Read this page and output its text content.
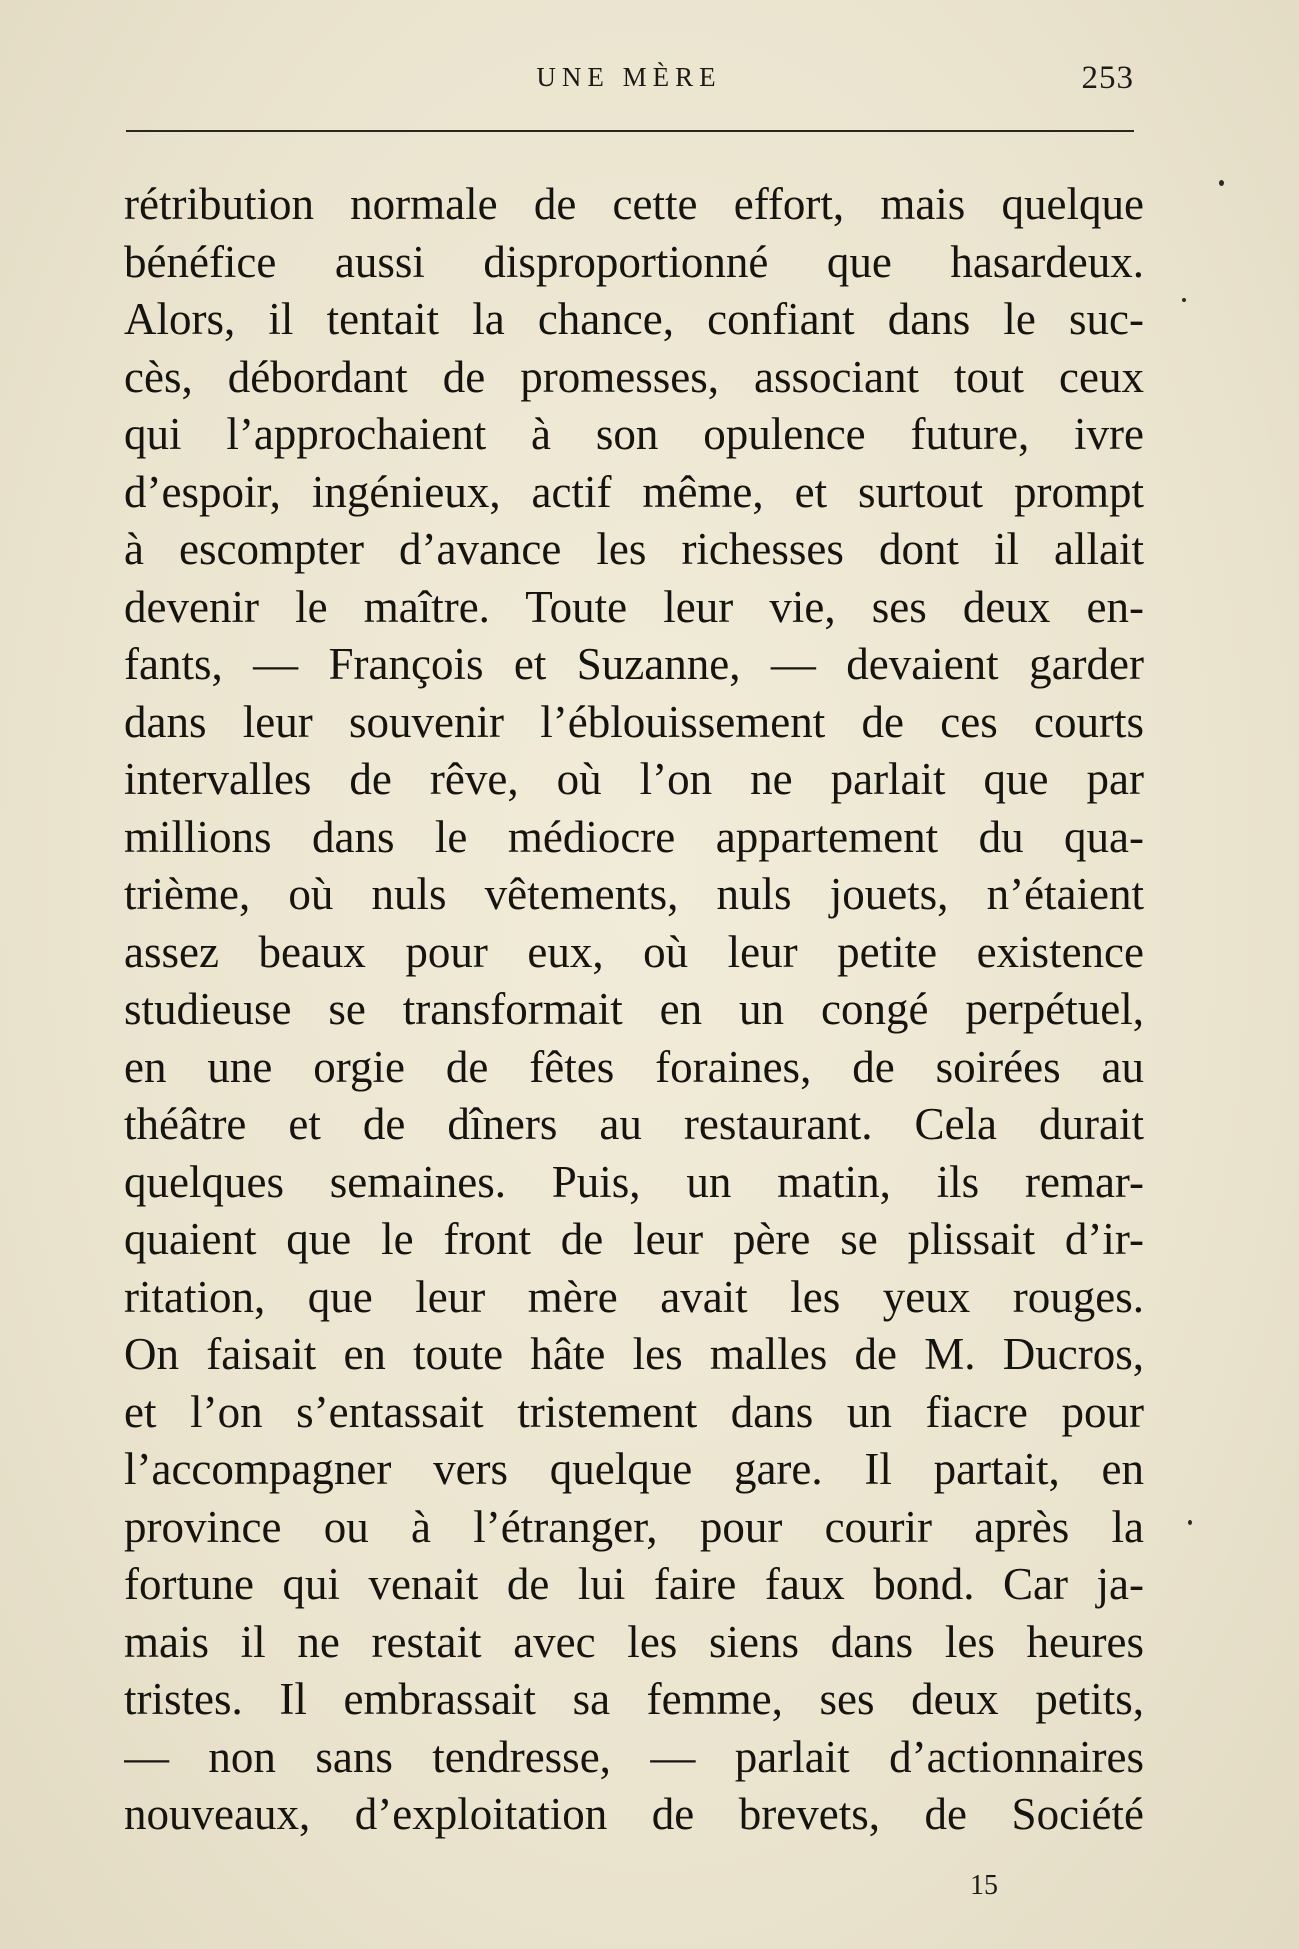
UNE MÈRE	253
rétribution normale de cette effort, mais quelque
bénéfice aussi disproportionné que hasardeux.
Alors, il tentait la chance, confiant dans le suc-
cès, débordant de promesses, associant tout ceux
qui l’approchaient à son opulence future, ivre
d’espoir, ingénieux, actif même, et surtout prompt
à escompter d’avance les richesses dont il allait
devenir le maître. Toute leur vie, ses deux en-
fants, — François et Suzanne, — devaient garder
dans leur souvenir l’éblouissement de ces courts
intervalles de rêve, où l’on ne parlait que par
millions dans le médiocre appartement du qua-
trième, où nuls vêtements, nuls jouets, n’étaient
assez beaux pour eux, où leur petite existence
studieuse se transformait en un congé perpétuel,
en une orgie de fêtes foraines, de soirées au
théâtre et de dîners au restaurant. Cela durait
quelques semaines. Puis, un matin, ils remar-
quaient que le front de leur père se plissait d’ir-
ritation, que leur mère avait les yeux rouges.
On faisait en toute hâte les malles de M. Ducros,
et l’on s’entassait tristement dans un fiacre pour
l’accompagner vers quelque gare. Il partait, en
province ou à l’étranger, pour courir après la
fortune qui venait de lui faire faux bond. Car ja-
mais il ne restait avec les siens dans les heures
tristes. Il embrassait sa femme, ses deux petits,
— non sans tendresse, — parlait d’actionnaires
nouveaux, d’exploitation de brevets, de Société
15
